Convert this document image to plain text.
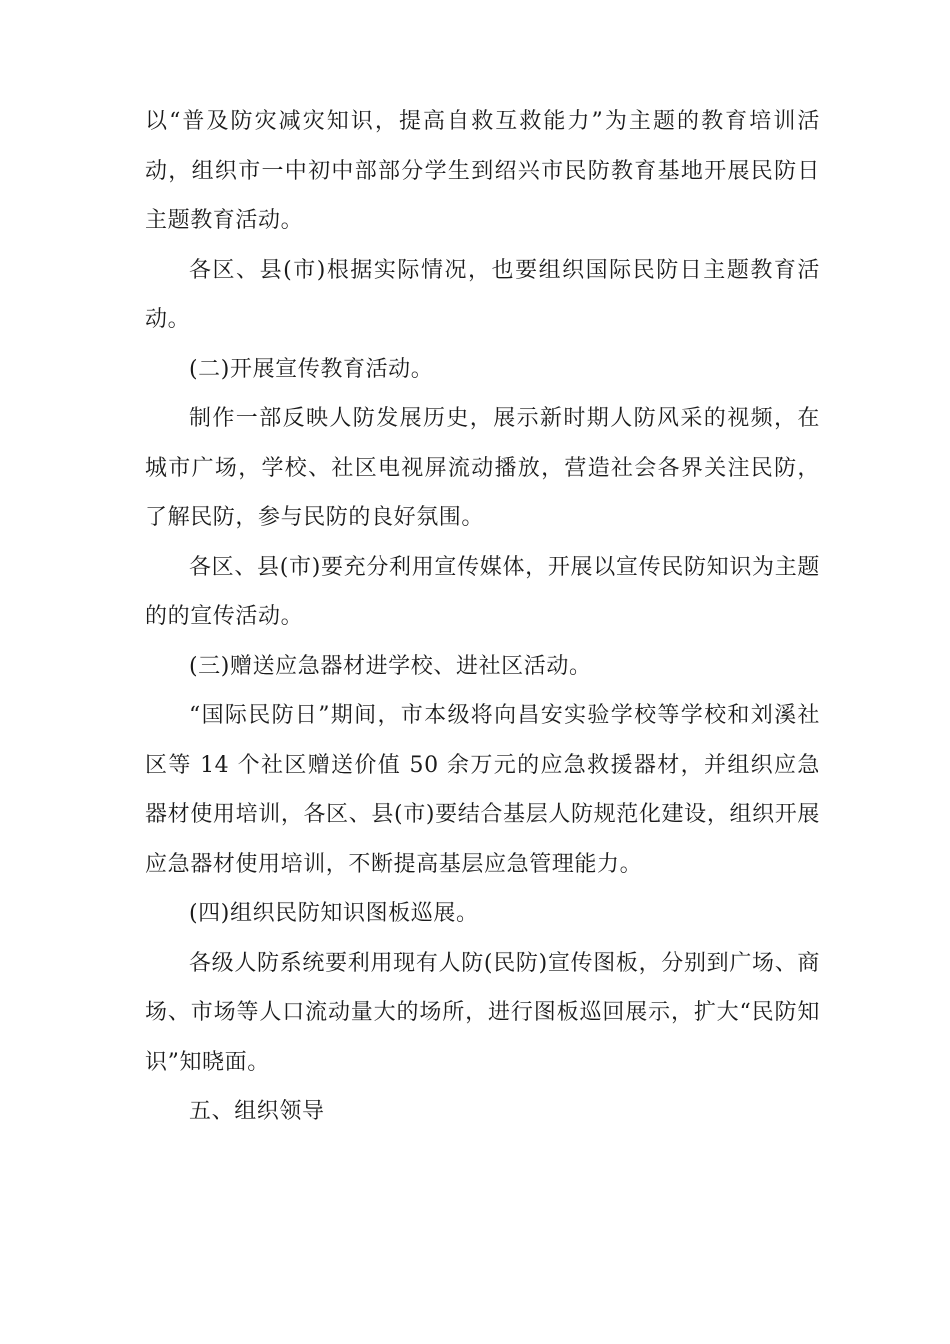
以“普及防灾减灾知识，提高自救互救能力”为主题的教育培训活动，组织市一中初中部部分学生到绍兴市民防教育基地开展民防日主题教育活动。

各区、县(市)根据实际情况，也要组织国际民防日主题教育活动。

(二)开展宣传教育活动。

制作一部反映人防发展历史，展示新时期人防风采的视频，在城市广场，学校、社区电视屏流动播放，营造社会各界关注民防，了解民防，参与民防的良好氛围。

各区、县(市)要充分利用宣传媒体，开展以宣传民防知识为主题的的宣传活动。

(三)赠送应急器材进学校、进社区活动。

“国际民防日”期间，市本级将向昌安实验学校等学校和刘溪社区等 14 个社区赠送价值 50 余万元的应急救援器材，并组织应急器材使用培训，各区、县(市)要结合基层人防规范化建设，组织开展应急器材使用培训，不断提高基层应急管理能力。

(四)组织民防知识图板巡展。

各级人防系统要利用现有人防(民防)宣传图板，分别到广场、商场、市场等人口流动量大的场所，进行图板巡回展示，扩大“民防知识”知晓面。

五、组织领导
